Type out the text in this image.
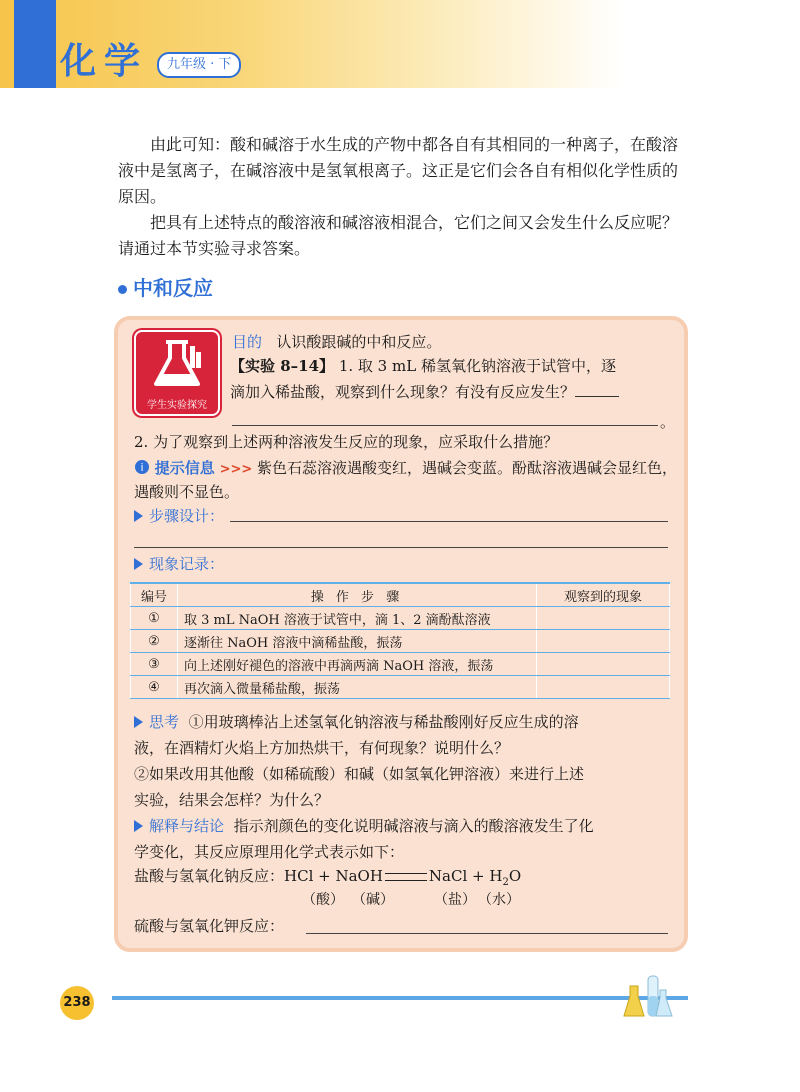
化学	九年级 · 下
由此可知：酸和碱溶于水生成的产物中都各自有其相同的一种离子，在酸溶液中是氢离子，在碱溶液中是氢氧根离子。这正是它们会各自有相似化学性质的原因。
把具有上述特点的酸溶液和碱溶液相混合，它们之间又会发生什么反应呢？请通过本节实验寻求答案。
中和反应
学生实验探究
目的 认识酸跟碱的中和反应。
【实验 8–14】 1. 取 3 mL 稀氢氧化钠溶液于试管中，逐
滴加入稀盐酸，观察到什么现象？有没有反应发生？
。
2. 为了观察到上述两种溶液发生反应的现象，应采取什么措施？
i 提示信息 >>> 紫色石蕊溶液遇酸变红，遇碱会变蓝。酚酞溶液遇碱会显红色，
遇酸则不显色。
步骤设计：
现象记录：
编号	操 作 步 骤	观察到的现象
①	取 3 mL NaOH 溶液于试管中，滴 1、2 滴酚酞溶液	
②	逐渐往 NaOH 溶液中滴稀盐酸，振荡	
③	向上述刚好褪色的溶液中再滴两滴 NaOH 溶液，振荡	
④	再次滴入微量稀盐酸，振荡	
思考 ①用玻璃棒沾上述氢氧化钠溶液与稀盐酸刚好反应生成的溶
液，在酒精灯火焰上方加热烘干，有何现象？说明什么？
②如果改用其他酸（如稀硫酸）和碱（如氢氧化钾溶液）来进行上述
实验，结果会怎样？为什么？
解释与结论 指示剂颜色的变化说明碱溶液与滴入的酸溶液发生了化
学变化，其反应原理用化学式表示如下：
盐酸与氢氧化钠反应：HCl + NaOH	NaCl + $H_2O$
（酸） （碱）	（盐） （水）
硫酸与氢氧化钾反应：
238
